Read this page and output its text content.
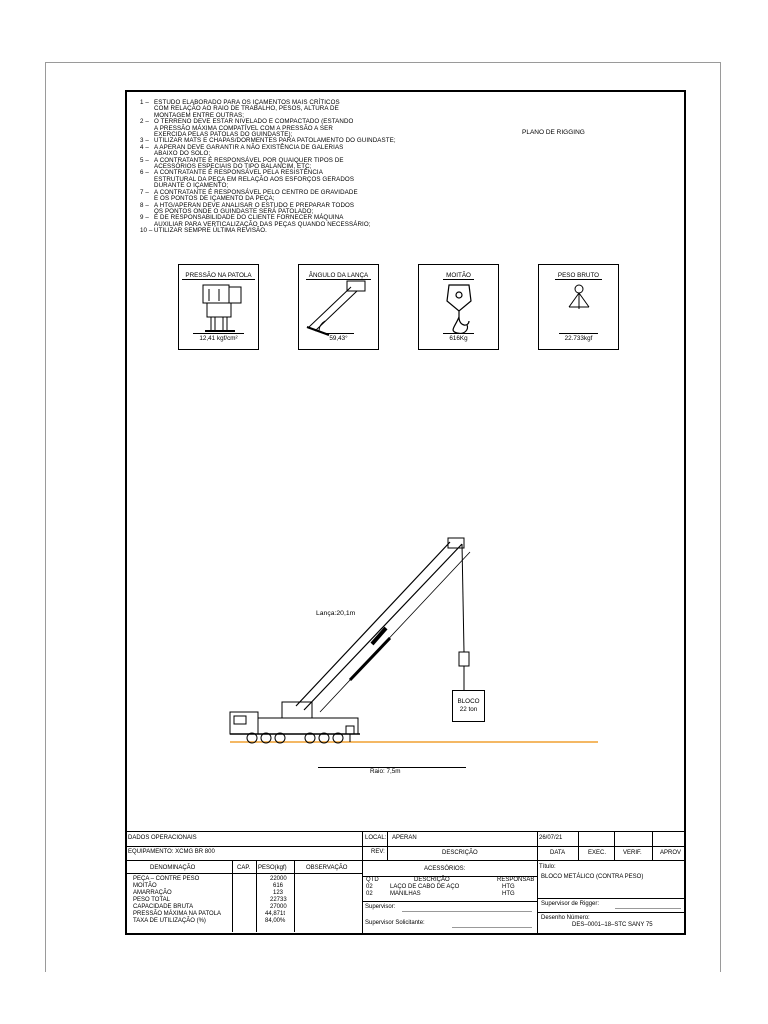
1 – ESTUDO ELABORADO PARA OS IÇAMENTOS MAIS CRÍTICOS
COM RELAÇÃO AO RAIO DE TRABALHO, PESOS, ALTURA DE
MONTAGEM ENTRE OUTRAS;
2 – O TERRENO DEVE ESTAR NIVELADO E COMPACTADO (ESTANDO
A PRESSÃO MÁXIMA COMPATÍVEL COM A PRESSÃO A SER
EXERCIDA PELAS PATOLAS DO GUINDASTE);
3 – UTILIZAR MATS E CHAPAS/DORMENTES PARA PATOLAMENTO DO GUINDASTE;
4 – A APERAN DEVE GARANTIR A NÃO EXISTÊNCIA DE GALERIAS
ABAIXO DO SOLO;
5 – A CONTRATANTE É RESPONSÁVEL POR QUAIQUER TIPOS DE
ACESSÓRIOS ESPECIAIS DO TIPO BALANCIM, ETC;
6 – A CONTRATANTE É RESPONSÁVEL PELA RESISTÊNCIA
ESTRUTURAL DA PEÇA EM RELAÇÃO AOS ESFORÇOS GERADOS
DURANTE O IÇAMENTO;
7 – A CONTRATANTE É RESPONSÁVEL PELO CENTRO DE GRAVIDADE
E OS PONTOS DE IÇAMENTO DA PEÇA;
8 – A HTG/APERAN DEVE ANALISAR O ESTUDO E PREPARAR TODOS
OS PONTOS ONDE O GUINDASTE SERÁ PATOLADO;
9 – É DE RESPONSABILIDADE DO CLIENTE FORNECER MÁQUINA
AUXILIAR PARA VERTICALIZAÇÃO DAS PEÇAS QUANDO NECESSÁRIO;
10 – UTILIZAR SEMPRE ÚLTIMA REVISÃO.
PLANO DE RIGGING
PRESSÃO NA PATOLA
12,41 kgf/cm²
ÂNGULO DA LANÇA
59,43°
MOITÃO
616Kg
PESO BRUTO
22.733kgf
Lança:20,1m
BLOCO
22 ton
Raio: 7,5m
DADOS OPERACIONAIS	LOCAL: APERAN	26/07/21
EQUIPAMENTO: XCMG BR 800	REV:	DESCRIÇÃO	DATA	EXEC.	VERIF.	APROV
DENOMINAÇÃO	CAP. PESO(kgf)	OBSERVAÇÃO	ACESSÓRIOS:	Título:
BLOCO METÁLICO (CONTRA PESO)
PEÇA – CONTRE PESO	22000
MOITÃO	616
AMARRAÇÃO	123
PESO TOTAL	22733
CAPACIDADE BRUTA	27000
PRESSÃO MÁXIMA NA PATOLA	44,871t
TAXA DE UTILIZAÇÃO (%)	84,00%
QTD	DESCRIÇÃO	RESPONSAB
02	LAÇO DE CABO DE AÇO	HTG
02	MANILHAS	HTG
Supervisor:
Supervisor Solicitante:
Supervisor de Rigger:
Desenho Número:
DES–0001–18–STC SANY 75
